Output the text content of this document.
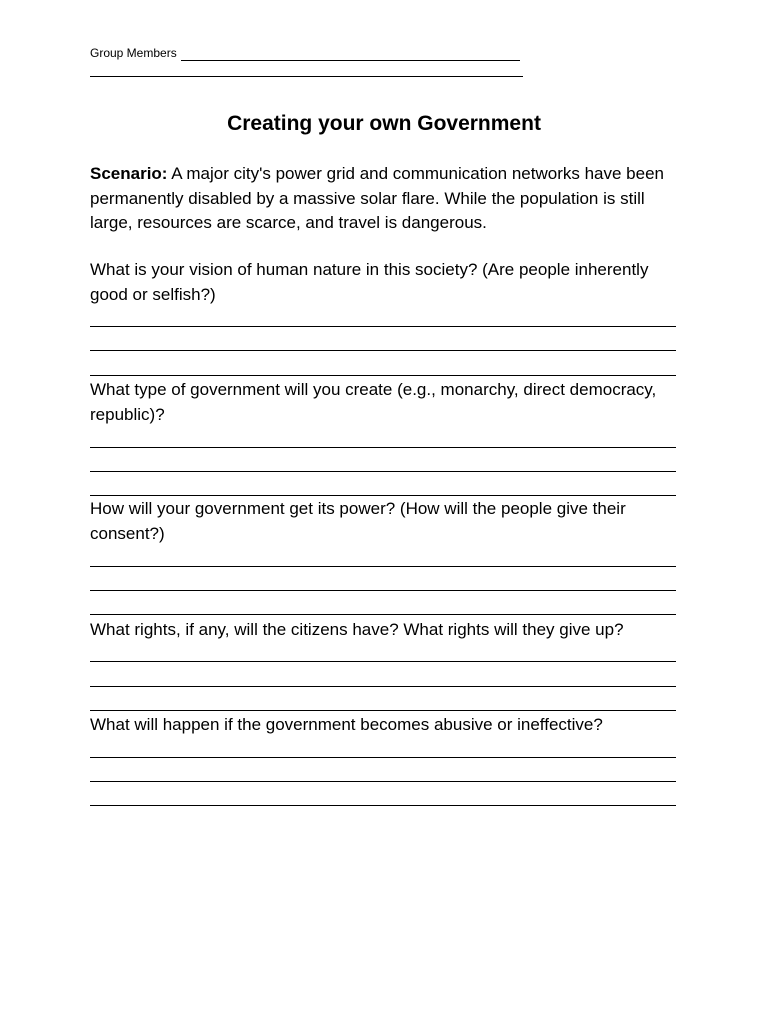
Group Members
Creating your own Government
Scenario: A major city's power grid and communication networks have been permanently disabled by a massive solar flare. While the population is still large, resources are scarce, and travel is dangerous.
What is your vision of human nature in this society? (Are people inherently good or selfish?)
What type of government will you create (e.g., monarchy, direct democracy, republic)?
How will your government get its power? (How will the people give their consent?)
What rights, if any, will the citizens have? What rights will they give up?
What will happen if the government becomes abusive or ineffective?
